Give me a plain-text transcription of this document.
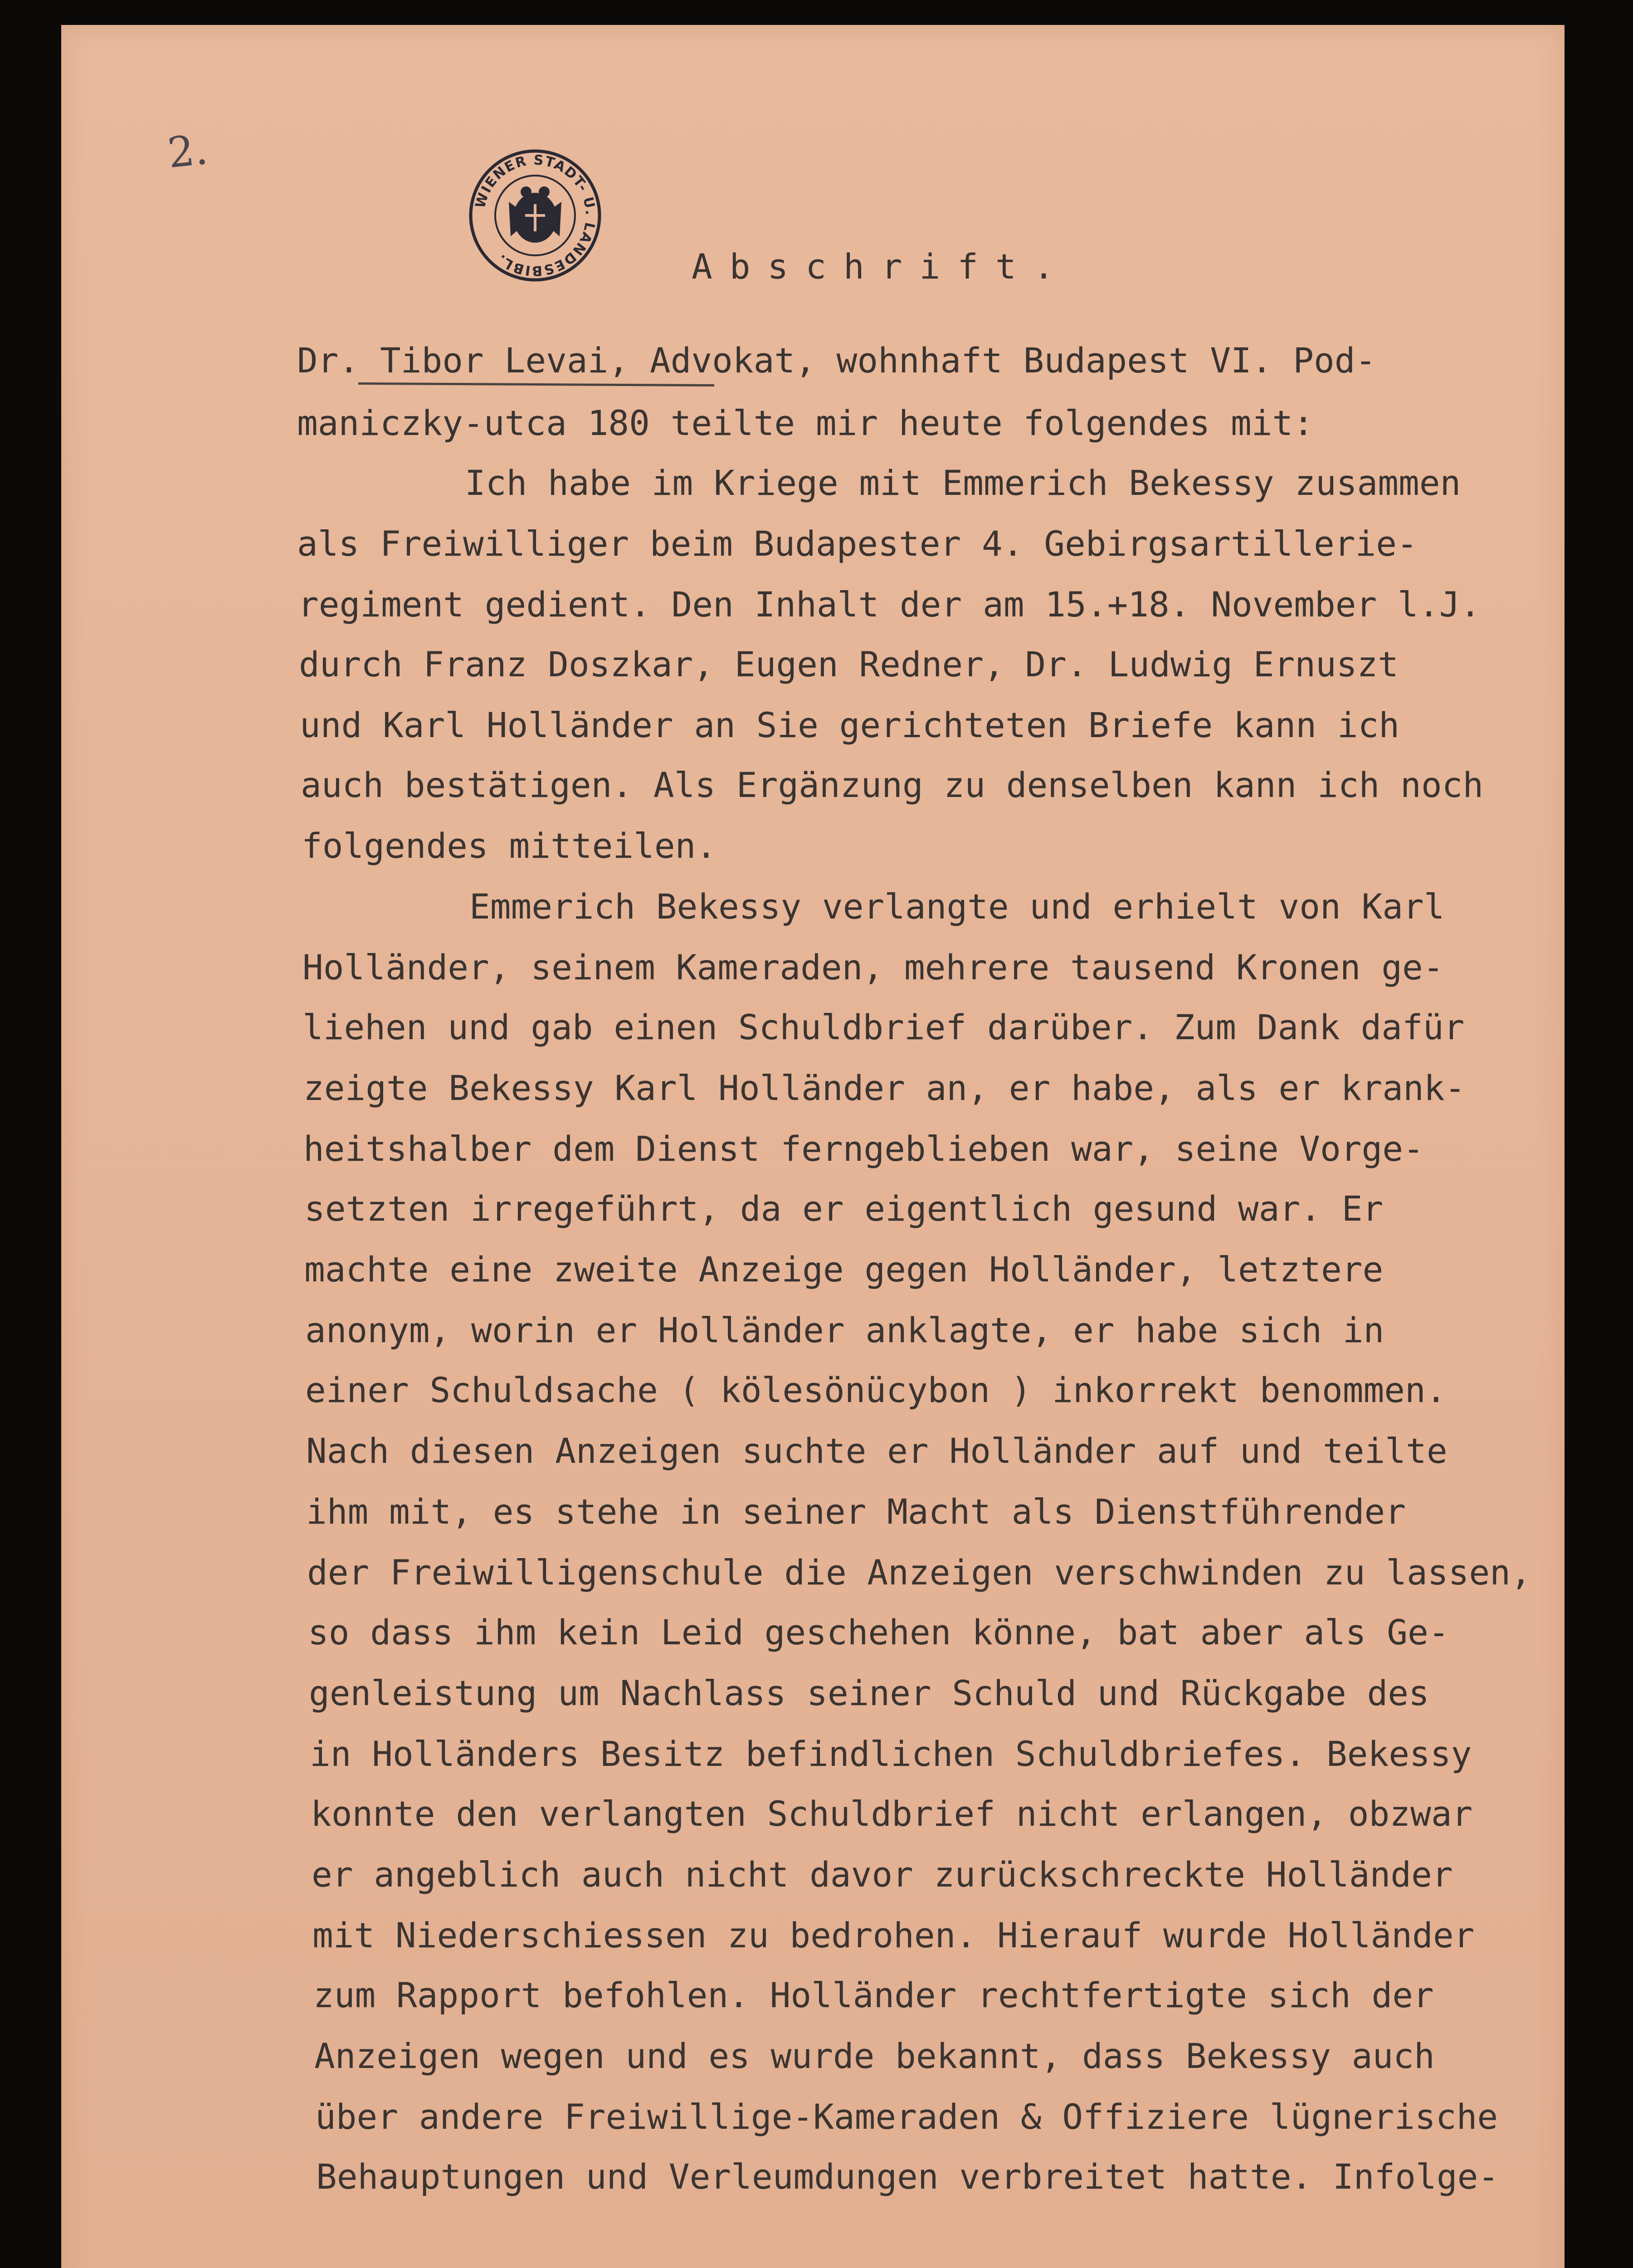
2.
WIENER STADT- U. LANDESBIBL.	Abschrift.
Dr. Tibor Levai, Advokat, wohnhaft Budapest VI. Pod-
maniczky-utca 180 teilte mir heute folgendes mit:
Ich habe im Kriege mit Emmerich Bekessy zusammen
als Freiwilliger beim Budapester 4. Gebirgsartillerie-
regiment gedient. Den Inhalt der am 15.+18. November l.J.
durch Franz Doszkar, Eugen Redner, Dr. Ludwig Ernuszt
und Karl Holländer an Sie gerichteten Briefe kann ich
auch bestätigen. Als Ergänzung zu denselben kann ich noch
folgendes mitteilen.
Emmerich Bekessy verlangte und erhielt von Karl
Holländer, seinem Kameraden, mehrere tausend Kronen ge-
liehen und gab einen Schuldbrief darüber. Zum Dank dafür
zeigte Bekessy Karl Holländer an, er habe, als er krank-
heitshalber dem Dienst ferngeblieben war, seine Vorge-
setzten irregeführt, da er eigentlich gesund war. Er
machte eine zweite Anzeige gegen Holländer, letztere
anonym, worin er Holländer anklagte, er habe sich in
einer Schuldsache ( kölesönücybon ) inkorrekt benommen.
Nach diesen Anzeigen suchte er Holländer auf und teilte
ihm mit, es stehe in seiner Macht als Dienstführender
der Freiwilligenschule die Anzeigen verschwinden zu lassen,
so dass ihm kein Leid geschehen könne, bat aber als Ge-
genleistung um Nachlass seiner Schuld und Rückgabe des
in Holländers Besitz befindlichen Schuldbriefes. Bekessy
konnte den verlangten Schuldbrief nicht erlangen, obzwar
er angeblich auch nicht davor zurückschreckte Holländer
mit Niederschiessen zu bedrohen. Hierauf wurde Holländer
zum Rapport befohlen. Holländer rechtfertigte sich der
Anzeigen wegen und es wurde bekannt, dass Bekessy auch
über andere Freiwillige-Kameraden & Offiziere lügnerische
Behauptungen und Verleumdungen verbreitet hatte. Infolge-
